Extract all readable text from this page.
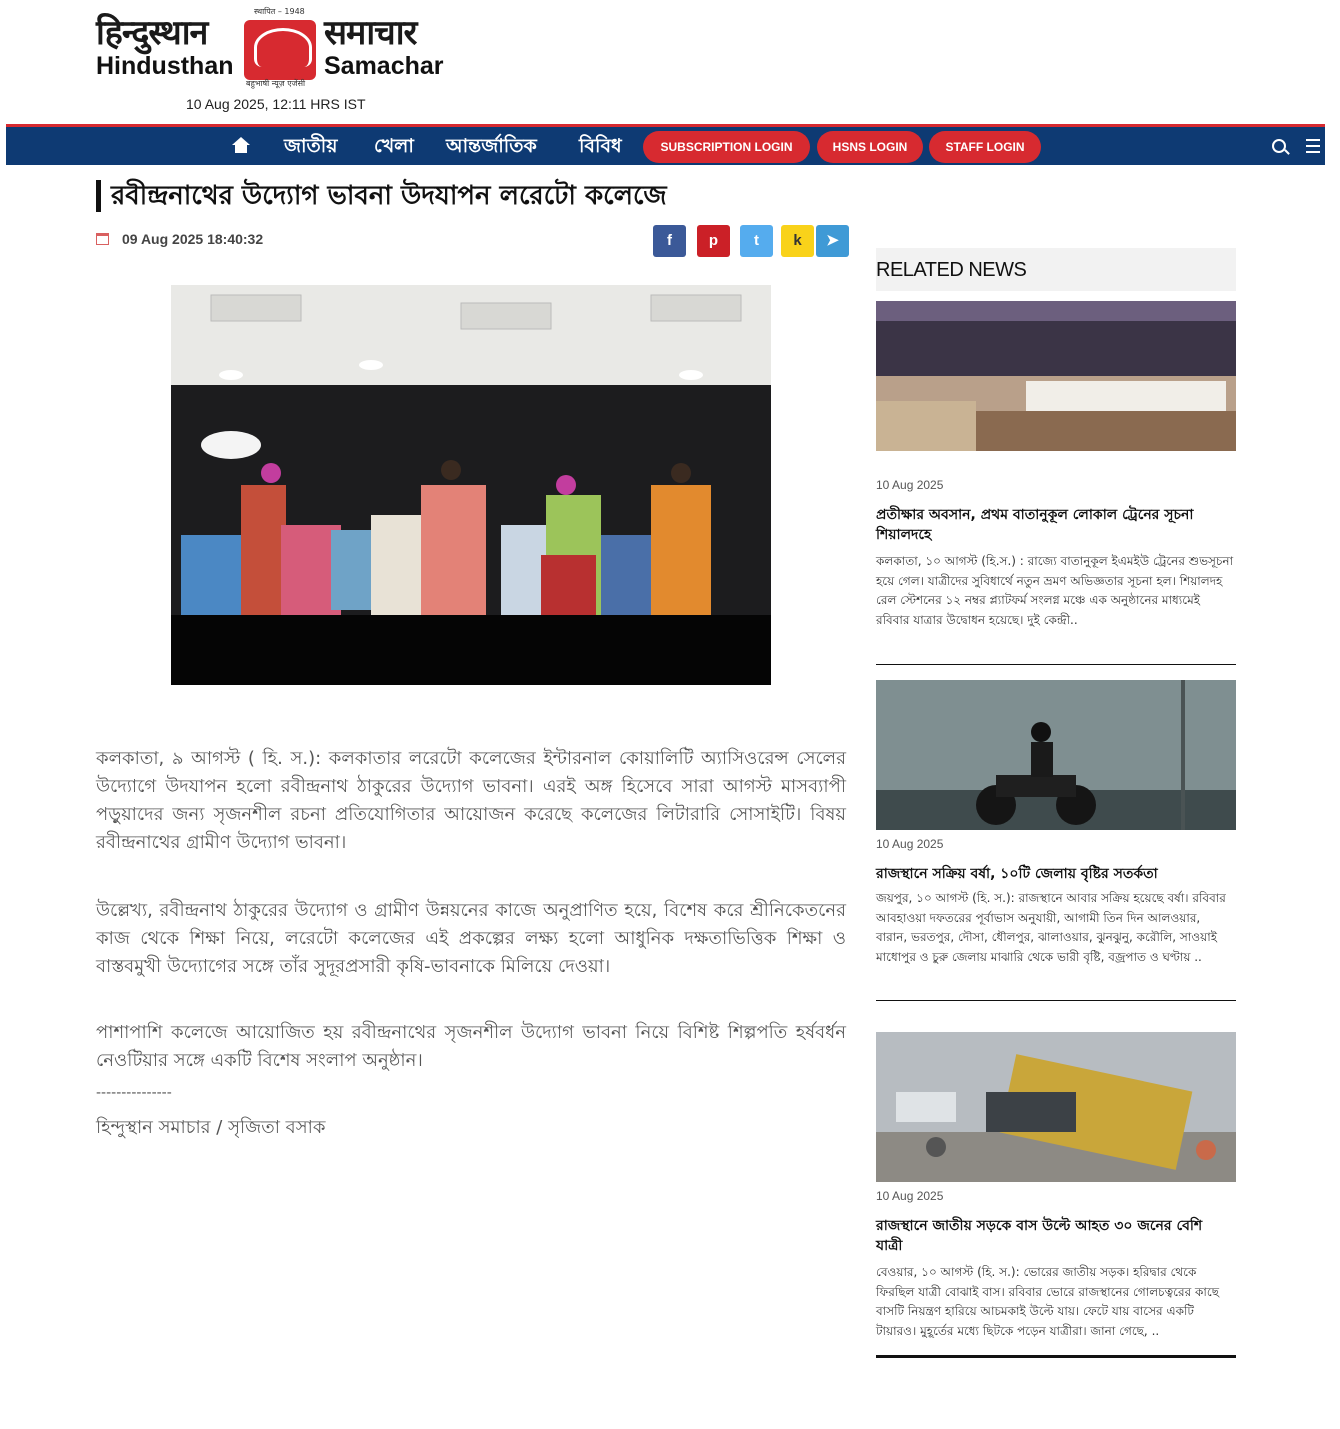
हिन्दुस्थान
Hindusthan
स्थापित – 1948
बहुभाषी न्यूज़ एजेंसी
समाचार
Samachar
10 Aug 2025, 12:11 HRS IST
জাতীয় খেলা আন্তর্জাতিক বিবিধ	SUBSCRIPTION LOGIN	HSNS LOGIN	STAFF LOGIN
রবীন্দ্রনাথের উদ্যোগ ভাবনা উদযাপন লরেটো কলেজে
09 Aug 2025 18:40:32	f	p	t	k	➤

কলকাতা, ৯ আগস্ট ( হি. স.): কলকাতার লরেটো কলেজের ইন্টারনাল কোয়ালিটি অ্যাসিওরেন্স সেলের উদ্যোগে উদযাপন হলো রবীন্দ্রনাথ ঠাকুরের উদ্যোগ ভাবনা। এরই অঙ্গ হিসেবে সারা আগস্ট মাসব্যাপী পড়ুয়াদের জন্য সৃজনশীল রচনা প্রতিযোগিতার আয়োজন করেছে কলেজের লিটারারি সোসাইটি। বিষয় রবীন্দ্রনাথের গ্রামীণ উদ্যোগ ভাবনা।

উল্লেখ্য, রবীন্দ্রনাথ ঠাকুরের উদ্যোগ ও গ্রামীণ উন্নয়নের কাজে অনুপ্রাণিত হয়ে, বিশেষ করে শ্রীনিকেতনের কাজ থেকে শিক্ষা নিয়ে, লরেটো কলেজের এই প্রকল্পের লক্ষ্য হলো আধুনিক দক্ষতাভিত্তিক শিক্ষা ও বাস্তবমুখী উদ্যোগের সঙ্গে তাঁর সুদূরপ্রসারী কৃষি-ভাবনাকে মিলিয়ে দেওয়া।

পাশাপাশি কলেজে আয়োজিত হয় রবীন্দ্রনাথের সৃজনশীল উদ্যোগ ভাবনা নিয়ে বিশিষ্ট শিল্পপতি হর্ষবর্ধন নেওটিয়ার সঙ্গে একটি বিশেষ সংলাপ অনুষ্ঠান।

---------------
হিন্দুস্থান সমাচার / সৃজিতা বসাক
RELATED NEWS
10 Aug 2025
প্রতীক্ষার অবসান, প্রথম বাতানুকূল লোকাল ট্রেনের সূচনা শিয়ালদহে
কলকাতা, ১০ আগস্ট (হি.স.) : রাজ্যে বাতানুকূল ইএমইউ ট্রেনের শুভসূচনা হয়ে গেল। যাত্রীদের সুবিধার্থে নতুন ভ্রমণ অভিজ্ঞতার সূচনা হল। শিয়ালদহ রেল স্টেশনের ১২ নম্বর প্ল্যাটফর্ম সংলগ্ন মঞ্চে এক অনুষ্ঠানের মাধ্যমেই রবিবার যাত্রার উদ্বোধন হয়েছে। দুই কেন্দ্রী..
10 Aug 2025
রাজস্থানে সক্রিয় বর্ষা, ১০টি জেলায় বৃষ্টির সতর্কতা
জয়পুর, ১০ আগস্ট (হি. স.): রাজস্থানে আবার সক্রিয় হয়েছে বর্ষা। রবিবার আবহাওয়া দফতরের পূর্বাভাস অনুযায়ী, আগামী তিন দিন আলওয়ার, বারান, ভরতপুর, দৌসা, ধৌলপুর, ঝালাওয়ার, ঝুনঝুনু, করৌলি, সাওয়াই মাধোপুর ও চুরু জেলায় মাঝারি থেকে ভারী বৃষ্টি, বজ্রপাত ও ঘণ্টায় ..
10 Aug 2025
রাজস্থানে জাতীয় সড়কে বাস উল্টে আহত ৩০ জনের বেশি যাত্রী
বেওয়ার, ১০ আগস্ট (হি. স.): ভোরের জাতীয় সড়ক। হরিদ্বার থেকে ফিরছিল যাত্রী বোঝাই বাস। রবিবার ভোরে রাজস্থানের গোলচত্বরের কাছে বাসটি নিয়ন্ত্রণ হারিয়ে আচমকাই উল্টে যায়। ফেটে যায় বাসের একটি টায়ারও। মুহূর্তের মধ্যে ছিটকে পড়েন যাত্রীরা। জানা গেছে, ..
